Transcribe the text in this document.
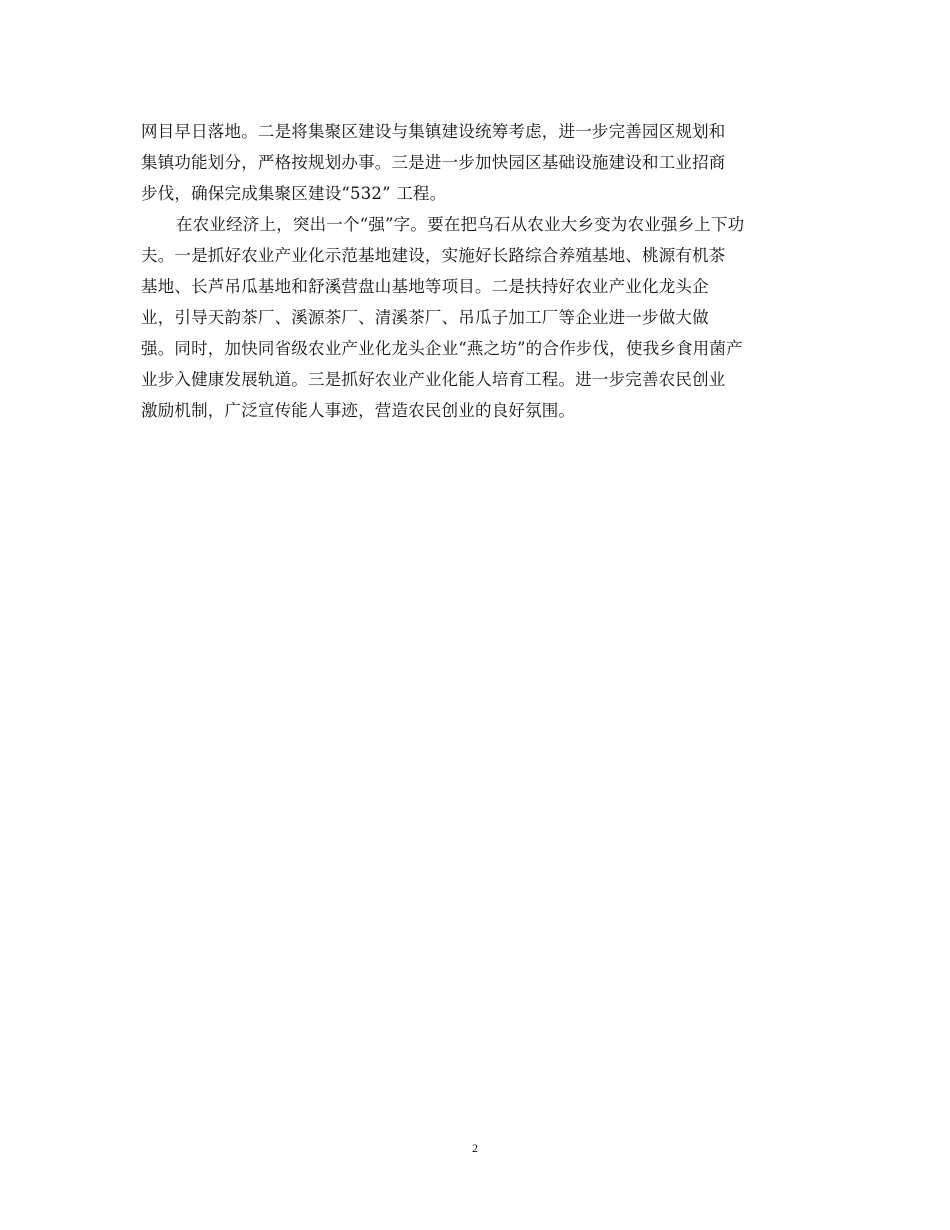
网目早日落地。二是将集聚区建设与集镇建设统筹考虑，进一步完善园区规划和
集镇功能划分，严格按规划办事。三是进一步加快园区基础设施建设和工业招商
步伐，确保完成集聚区建设“532” 工程。
在农业经济上，突出一个“强”字。要在把乌石从农业大乡变为农业强乡上下功
夫。一是抓好农业产业化示范基地建设，实施好长路综合养殖基地、桃源有机茶
基地、长芦吊瓜基地和舒溪营盘山基地等项目。二是扶持好农业产业化龙头企
业，引导天韵茶厂、溪源茶厂、清溪茶厂、吊瓜子加工厂等企业进一步做大做
强。同时，加快同省级农业产业化龙头企业“燕之坊”的合作步伐，使我乡食用菌产
业步入健康发展轨道。三是抓好农业产业化能人培育工程。进一步完善农民创业
激励机制，广泛宣传能人事迹，营造农民创业的良好氛围。
2
